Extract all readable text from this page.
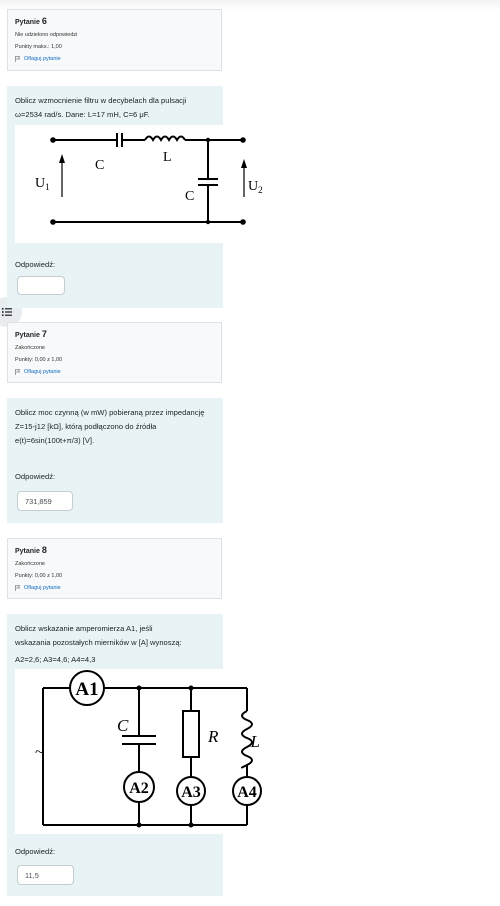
Pytanie 6
Nie udzielono odpowiedzi
Punkty maks.: 1,00
Oflaguj pytanie
Oblicz wzmocnienie filtru w decybelach dla pulsacji ω=2534 rad/s. Dane: L=17 mH, C=6 μF.
$U_1$	$U_2$
C
L
C
Odpowiedź:
Pytanie 7
Zakończone
Punkty: 0,00 z 1,00
Oflaguj pytanie
Oblicz moc czynną (w mW) pobieraną przez impedancję Z=15-j12 [kΩ], którą podłączono do źródła e(t)=6sin(100t+π/3) [V].
Odpowiedź:
731,859
Pytanie 8
Zakończone
Punkty: 0,00 z 1,00
Oflaguj pytanie
Oblicz wskazanie amperomierza A1, jeśli
wskazania pozostałych mierników w [A] wynoszą:
A2=2,6; A3=4,6; A4=4,3
A1
A2 A3 A4
C
R L
~
Odpowiedź:
11,5
